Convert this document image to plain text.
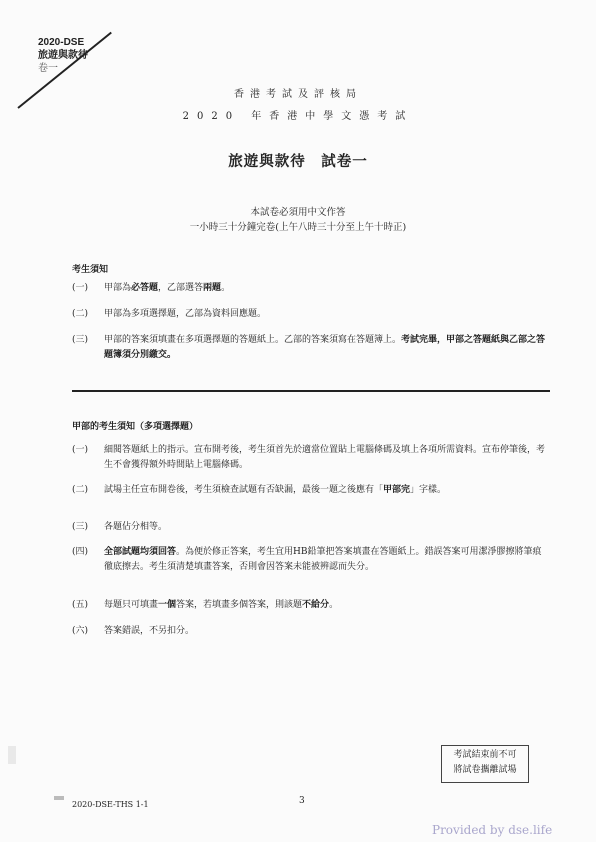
2020-DSE
旅遊與款待
卷一
香港考試及評核局
2020 年香港中學文憑考試
旅遊與款待　試卷一
本試卷必須用中文作答
一小時三十分鐘完卷(上午八時三十分至上午十時正)
考生須知
(一) 甲部為必答題，乙部選答兩題。
(二) 甲部為多項選擇題，乙部為資料回應題。
(三) 甲部的答案須填畫在多項選擇題的答題紙上。乙部的答案須寫在答題簿上。考試完畢，甲部之答題紙與乙部之答題簿須分別繳交。
甲部的考生須知（多項選擇題）
(一) 細閱答題紙上的指示。宣布開考後，考生須首先於適當位置貼上電腦條碼及填上各項所需資料。宣布停筆後，考生不會獲得額外時間貼上電腦條碼。
(二) 試場主任宣布開卷後，考生須檢查試題有否缺漏，最後一題之後應有「甲部完」字樣。
(三) 各題佔分相等。
(四) 全部試題均須回答。為便於修正答案，考生宜用HB鉛筆把答案填畫在答題紙上。錯誤答案可用潔淨膠擦將筆痕徹底擦去。考生須清楚填畫答案，否則會因答案未能被辨認而失分。
(五) 每題只可填畫一個答案，若填畫多個答案，則該題不給分。
(六) 答案錯誤，不另扣分。
考試結束前不可
將試卷攜離試場
2020-DSE-THS 1-1	3
Provided by dse.life
